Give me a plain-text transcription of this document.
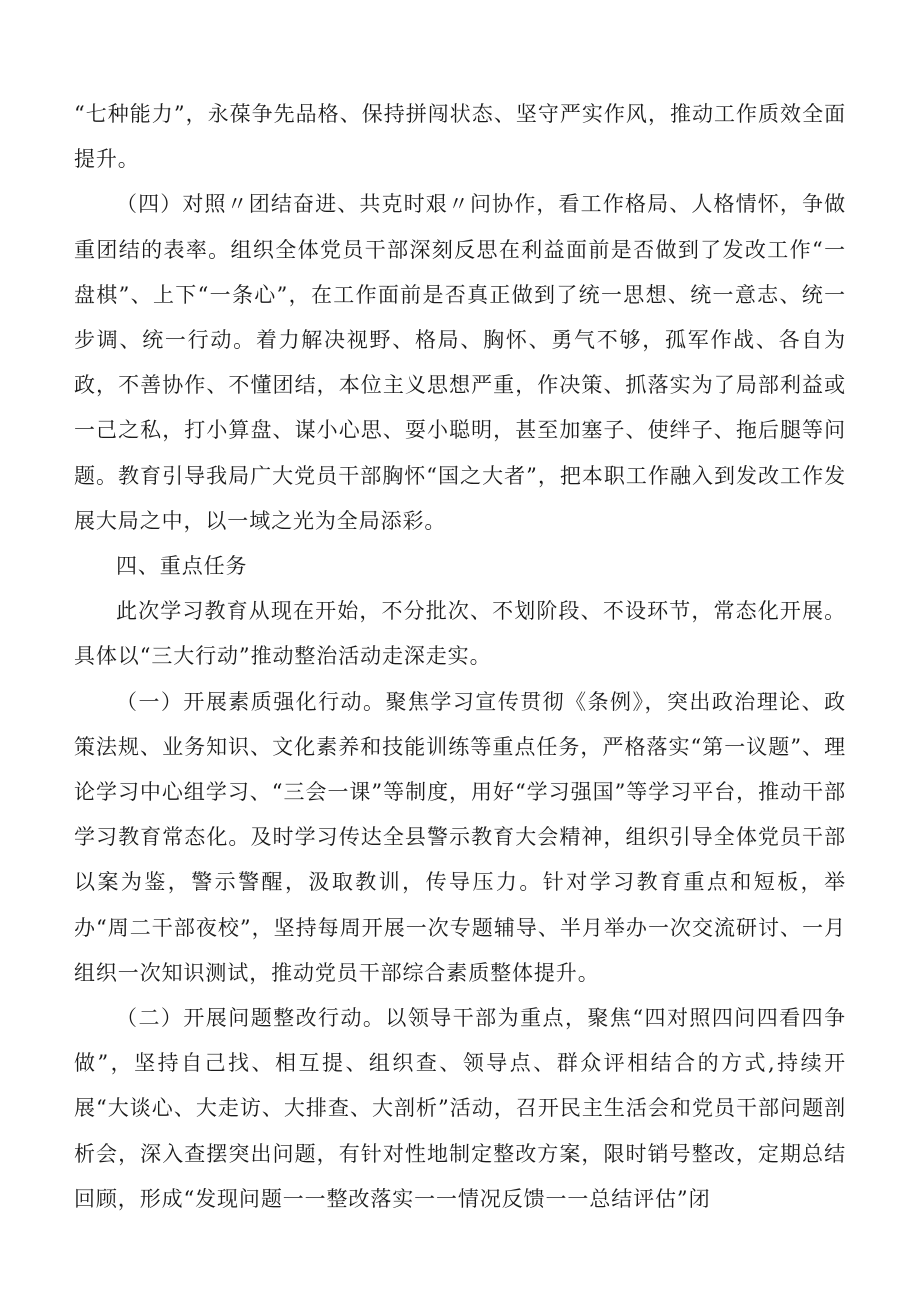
“七种能力”，永葆争先品格、保持拼闯状态、坚守严实作风，推动工作质效全面提升。

（四）对照〃团结奋进、共克时艰〃问协作，看工作格局、人格情怀，争做重团结的表率。组织全体党员干部深刻反思在利益面前是否做到了发改工作“一盘棋”、上下“一条心”，在工作面前是否真正做到了统一思想、统一意志、统一步调、统一行动。着力解决视野、格局、胸怀、勇气不够，孤军作战、各自为政，不善协作、不懂团结，本位主义思想严重，作决策、抓落实为了局部利益或一己之私，打小算盘、谋小心思、耍小聪明，甚至加塞子、使绊子、拖后腿等问题。教育引导我局广大党员干部胸怀“国之大者”，把本职工作融入到发改工作发展大局之中，以一域之光为全局添彩。

四、重点任务

此次学习教育从现在开始，不分批次、不划阶段、不设环节，常态化开展。具体以“三大行动”推动整治活动走深走实。

（一）开展素质强化行动。聚焦学习宣传贯彻《条例》，突出政治理论、政策法规、业务知识、文化素养和技能训练等重点任务，严格落实“第一议题”、理论学习中心组学习、“三会一课”等制度，用好“学习强国”等学习平台，推动干部学习教育常态化。及时学习传达全县警示教育大会精神，组织引导全体党员干部以案为鉴，警示警醒，汲取教训，传导压力。针对学习教育重点和短板，举办“周二干部夜校”，坚持每周开展一次专题辅导、半月举办一次交流研讨、一月组织一次知识测试，推动党员干部综合素质整体提升。

（二）开展问题整改行动。以领导干部为重点，聚焦“四对照四问四看四争做”，坚持自己找、相互提、组织查、领导点、群众评相结合的方式,持续开展“大谈心、大走访、大排查、大剖析”活动，召开民主生活会和党员干部问题剖析会，深入查摆突出问题，有针对性地制定整改方案，限时销号整改，定期总结回顾，形成“发现问题一一整改落实一一情况反馈一一总结评估”闭
